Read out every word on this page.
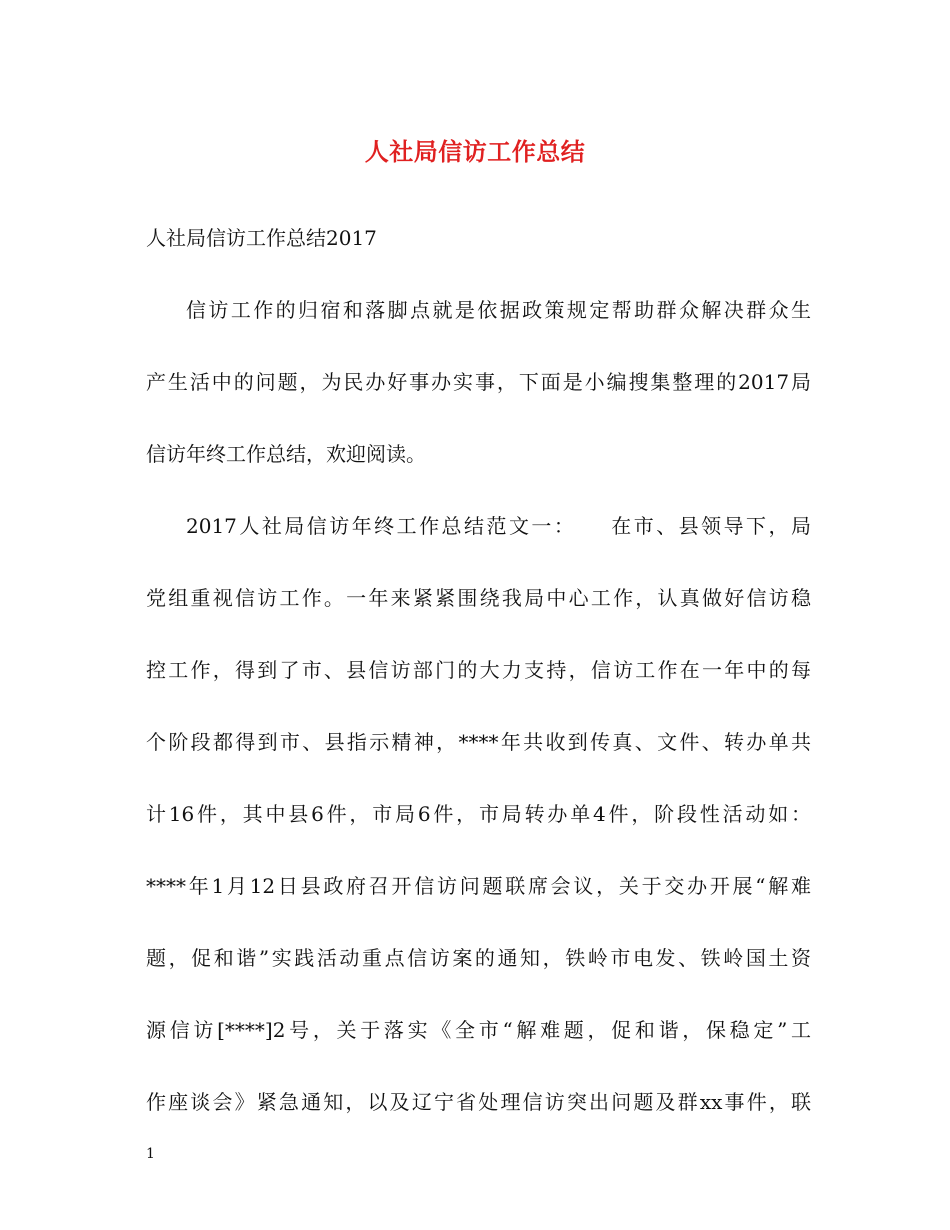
人社局信访工作总结
人社局信访工作总结2017
信访工作的归宿和落脚点就是依据政策规定帮助群众解决群众生
产生活中的问题，为民办好事办实事，下面是小编搜集整理的2017局
信访年终工作总结，欢迎阅读。
2017人社局信访年终工作总结范文一：　　在市、县领导下，局
党组重视信访工作。一年来紧紧围绕我局中心工作，认真做好信访稳
控工作，得到了市、县信访部门的大力支持，信访工作在一年中的每
个阶段都得到市、县指示精神，****年共收到传真、文件、转办单共
计16件，其中县6件，市局6件，市局转办单4件，阶段性活动如：
****年1月12日县政府召开信访问题联席会议，关于交办开展“解难
题，促和谐”实践活动重点信访案的通知，铁岭市电发、铁岭国土资
源信访[****]2号，关于落实《全市“解难题，促和谐，保稳定”工
作座谈会》紧急通知，以及辽宁省处理信访突出问题及群xx事件，联
1
